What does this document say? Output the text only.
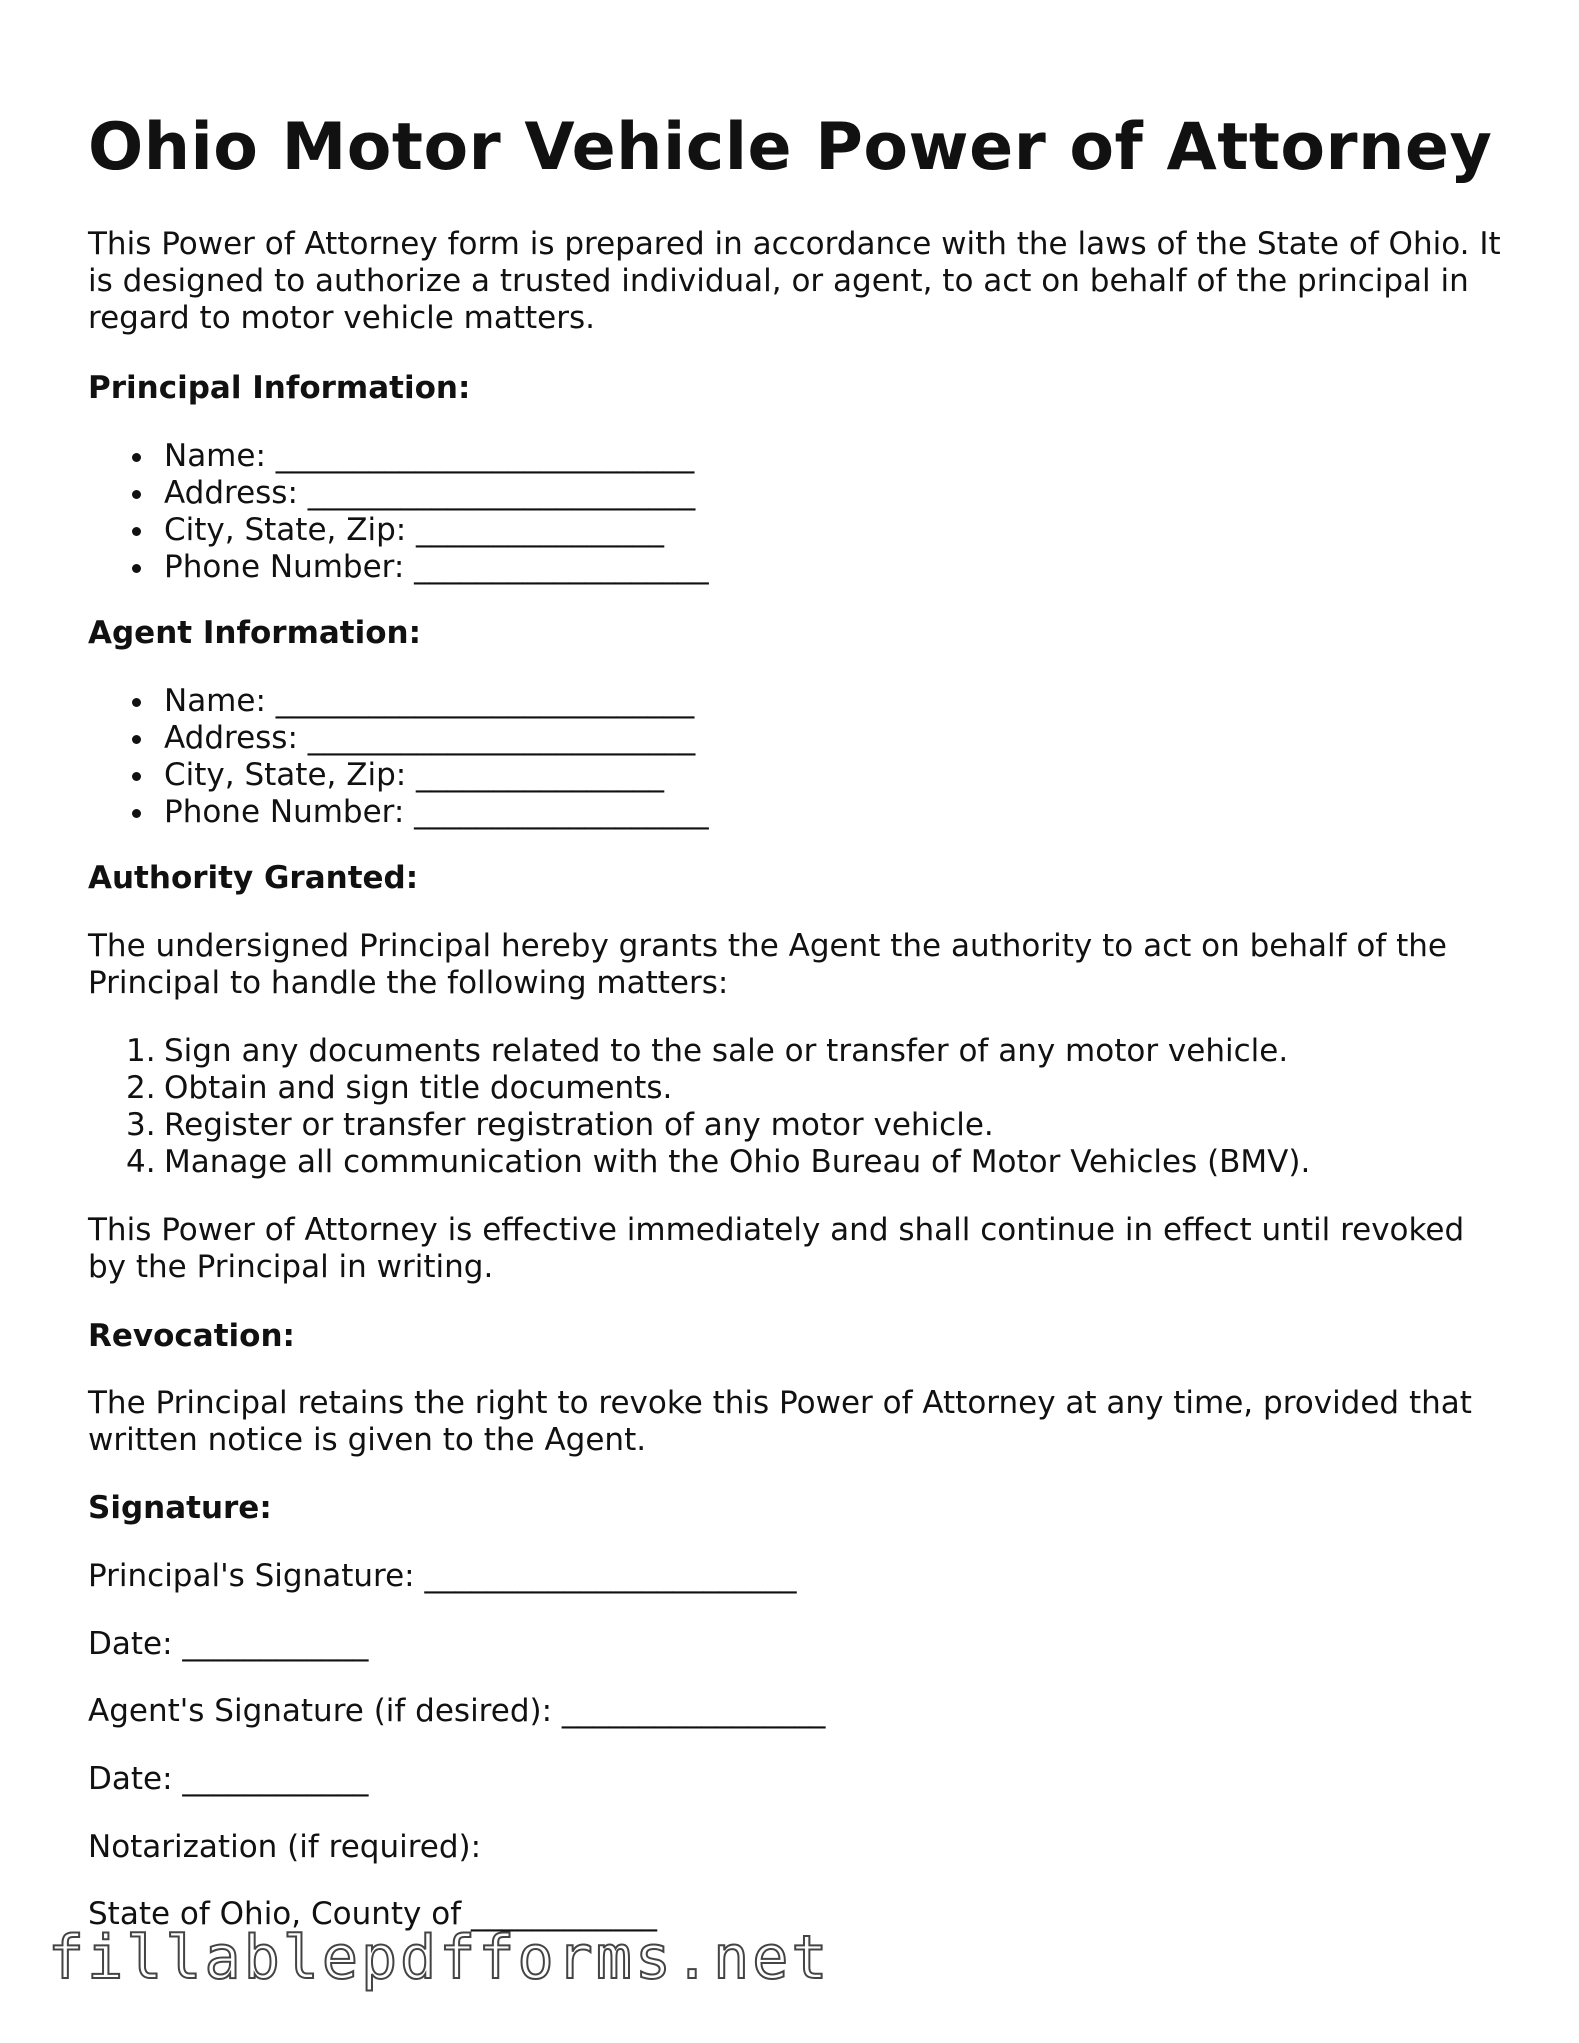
Ohio Motor Vehicle Power of Attorney

This Power of Attorney form is prepared in accordance with the laws of the State of Ohio. It is designed to authorize a trusted individual, or agent, to act on behalf of the principal in regard to motor vehicle matters.

Principal Information:
Name: ___________________________
Address: _________________________
City, State, Zip: ________________
Phone Number: ___________________
Agent Information:
Name: ___________________________
Address: _________________________
City, State, Zip: ________________
Phone Number: ___________________
Authority Granted:

The undersigned Principal hereby grants the Agent the authority to act on behalf of the Principal to handle the following matters:

1. Sign any documents related to the sale or transfer of any motor vehicle.
2. Obtain and sign title documents.
3. Register or transfer registration of any motor vehicle.
4. Manage all communication with the Ohio Bureau of Motor Vehicles (BMV).

This Power of Attorney is effective immediately and shall continue in effect until revoked by the Principal in writing.

Revocation:

The Principal retains the right to revoke this Power of Attorney at any time, provided that written notice is given to the Agent.

Signature:
Principal's Signature: ________________________
Date: ____________
Agent's Signature (if desired): _________________
Date: ____________
Notarization (if required):
State of Ohio, County of ____________
fillablepdfforms.net
